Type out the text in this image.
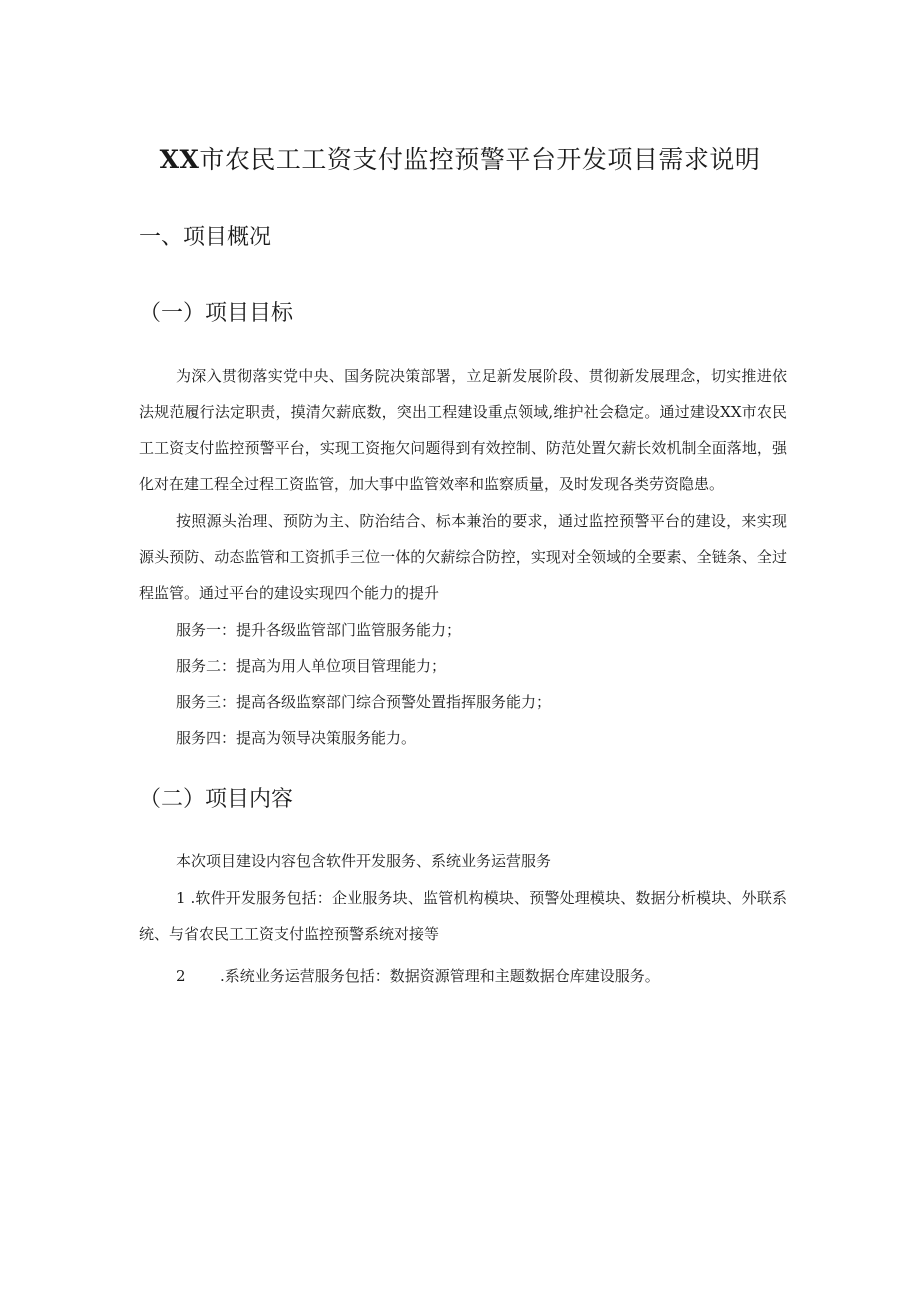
XX市农民工工资支付监控预警平台开发项目需求说明
一、项目概况
（一）项目目标

为深入贯彻落实党中央、国务院决策部署，立足新发展阶段、贯彻新发展理念，切实推进依法规范履行法定职责，摸清欠薪底数，突出工程建设重点领域,维护社会稳定。通过建设XX市农民工工资支付监控预警平台，实现工资拖欠问题得到有效控制、防范处置欠薪长效机制全面落地，强化对在建工程全过程工资监管，加大事中监管效率和监察质量，及时发现各类劳资隐患。

按照源头治理、预防为主、防治结合、标本兼治的要求，通过监控预警平台的建设，来实现源头预防、动态监管和工资抓手三位一体的欠薪综合防控，实现对全领域的全要素、全链条、全过程监管。通过平台的建设实现四个能力的提升

服务一：提升各级监管部门监管服务能力；
服务二：提高为用人单位项目管理能力；
服务三：提高各级监察部门综合预警处置指挥服务能力；
服务四：提高为领导决策服务能力。
（二）项目内容
本次项目建设内容包含软件开发服务、系统业务运营服务

1 .软件开发服务包括：企业服务块、监管机构模块、预警处理模块、数据分析模块、外联系统、与省农民工工资支付监控预警系统对接等

2 .系统业务运营服务包括：数据资源管理和主题数据仓库建设服务。
